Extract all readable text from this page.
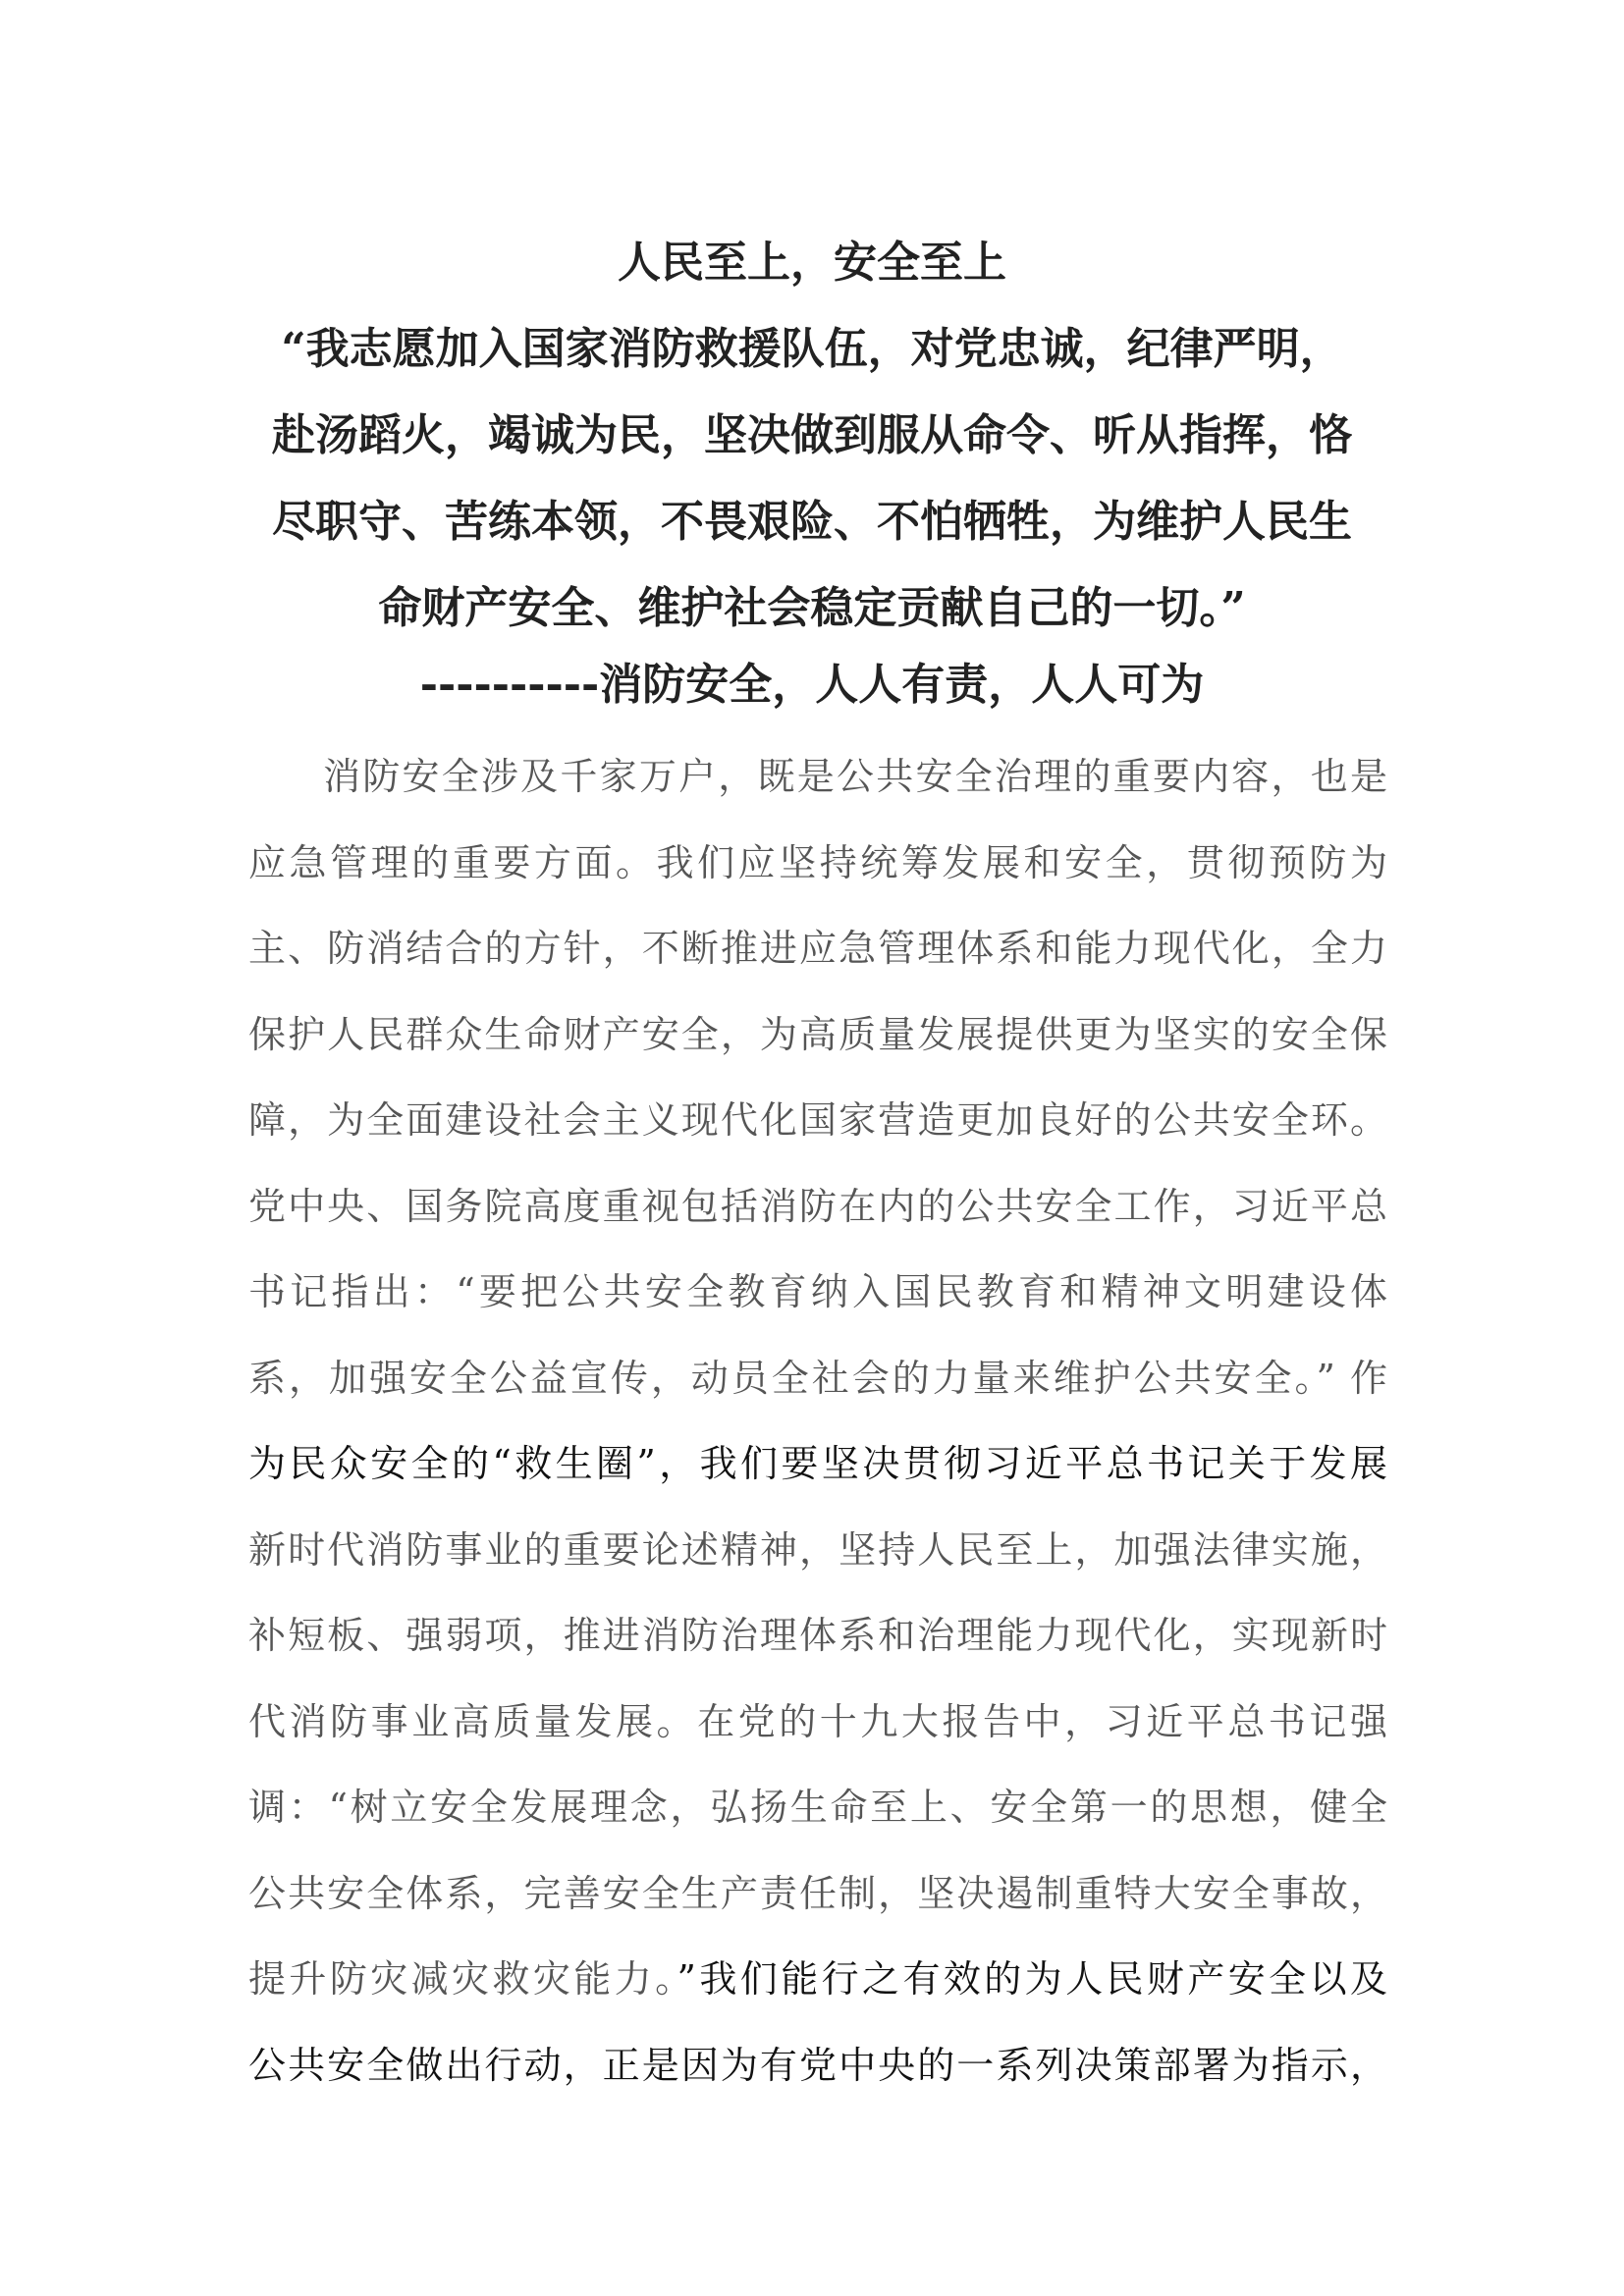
人民至上，安全至上
“我志愿加入国家消防救援队伍，对党忠诚，纪律严明，
赴汤蹈火，竭诚为民，坚决做到服从命令、听从指挥，恪
尽职守、苦练本领，不畏艰险、不怕牺牲，为维护人民生
命财产安全、维护社会稳定贡献自己的一切。”
----------消防安全，人人有责，人人可为
消防安全涉及千家万户，既是公共安全治理的重要内容，也是
应急管理的重要方面。我们应坚持统筹发展和安全，贯彻预防为
主、防消结合的方针，不断推进应急管理体系和能力现代化，全力
保护人民群众生命财产安全，为高质量发展提供更为坚实的安全保
障，为全面建设社会主义现代化国家营造更加良好的公共安全环。
党中央、国务院高度重视包括消防在内的公共安全工作，习近平总
书记指出：“要把公共安全教育纳入国民教育和精神文明建设体
系，加强安全公益宣传，动员全社会的力量来维护公共安全。” 作
为民众安全的“救生圈”，我们要坚决贯彻习近平总书记关于发展
新时代消防事业的重要论述精神，坚持人民至上，加强法律实施，
补短板、强弱项，推进消防治理体系和治理能力现代化，实现新时
代消防事业高质量发展。在党的十九大报告中，习近平总书记强
调：“树立安全发展理念，弘扬生命至上、安全第一的思想，健全
公共安全体系，完善安全生产责任制，坚决遏制重特大安全事故，
提升防灾减灾救灾能力。”我们能行之有效的为人民财产安全以及
公共安全做出行动，正是因为有党中央的一系列决策部署为指示，
